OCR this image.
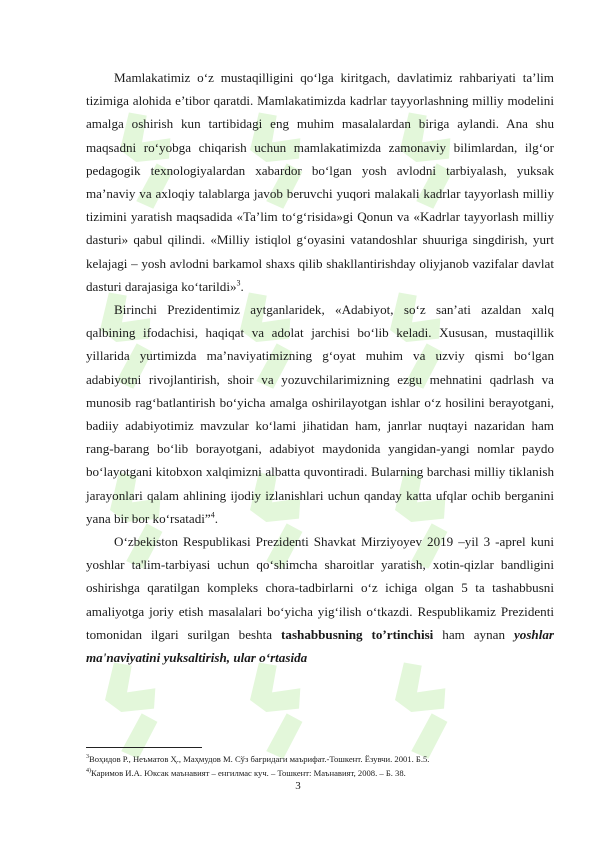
Mamlakatimiz o‘z mustaqilligini qo‘lga kiritgach, davlatimiz rahbariyati ta’lim tizimiga alohida e’tibor qaratdi. Mamlakatimizda kadrlar tayyorlashning milliy modelini amalga oshirish kun tartibidagi eng muhim masalalardan biriga aylandi. Ana shu maqsadni ro‘yobga chiqarish uchun mamlakatimizda zamonaviy bilimlardan, ilg‘or pedagogik texnologiyalardan xabardor bo‘lgan yosh avlodni tarbiyalash, yuksak ma’naviy va axloqiy talablarga javob beruvchi yuqori malakali kadrlar tayyorlash milliy tizimini yaratish maqsadida «Ta’lim to‘g‘risida»gi Qonun va «Kadrlar tayyorlash milliy dasturi» qabul qilindi. «Milliy istiqlol g‘oyasini vatandoshlar shuuriga singdirish, yurt kelajagi – yosh avlodni barkamol shaxs qilib shakllantirishday oliyjanob vazifalar davlat dasturi darajasiga ko‘tarildi»$^3$.

Birinchi Prezidentimiz aytganlaridek, «Adabiyot, so‘z san’ati azaldan xalq qalbining ifodachisi, haqiqat va adolat jarchisi bo‘lib keladi. Xususan, mustaqillik yillarida yurtimizda ma’naviyatimizning g‘oyat muhim va uzviy qismi bo‘lgan adabiyotni rivojlantirish, shoir va yozuvchilarimizning ezgu mehnatini qadrlash va munosib rag‘batlantirish bo‘yicha amalga oshirilayotgan ishlar o‘z hosilini berayotgani, badiiy adabiyotimiz mavzular ko‘lami jihatidan ham, janrlar nuqtayi nazaridan ham rang-barang bo‘lib borayotgani, adabiyot maydonida yangidan-yangi nomlar paydo bo‘layotgani kitobxon xalqimizni albatta quvontiradi. Bularning barchasi milliy tiklanish jarayonlari qalam ahlining ijodiy izlanishlari uchun qanday katta ufqlar ochib berganini yana bir bor ko‘rsatadi”$^4$.

O‘zbekiston Respublikasi Prezidenti Shavkat Mirziyoyev 2019 –yil 3 -aprel kuni yoshlar ta'lim-tarbiyasi uchun qo‘shimcha sharoitlar yaratish, xotin-qizlar bandligini oshirishga qaratilgan kompleks chora-tadbirlarni o‘z ichiga olgan 5 ta tashabbusni amaliyotga joriy etish masalalari bo‘yicha yig‘ilish o‘tkazdi. Respublikamiz Prezidenti tomonidan ilgari surilgan beshta tashabbusning to’rtinchisi ham aynan yoshlar ma'naviyatini yuksaltirish, ular o‘rtasida

$^3$Воҳидов Р., Неъматов Ҳ., Маҳмудов М. Сўз бағридаги маърифат.-Тошкент. Ёзувчи. 2001. Б.5.
$^{4)}$Каримов И.А. Юксак маънавият – енгилмас куч. – Тошкент: Маънавият, 2008. – Б. 38.
3
